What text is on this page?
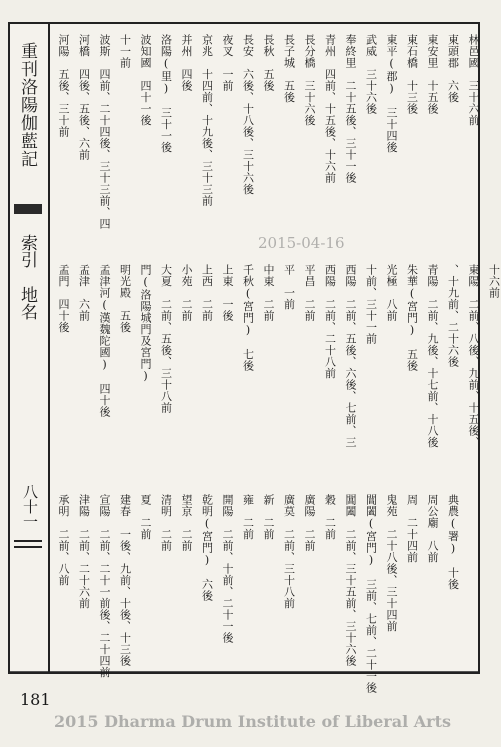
重刊洛陽伽藍記
索引
地名
八十一
河陽　五後、三十前 河橋　四後、五後、六前 波斯　四前、二十四後、三十三前、四 十一前 波知國　四十一後 洛陽(里)　三十一後 并州　四後 京兆　十四前、十九後、三十三前 夜叉　一前 長安　六後、十八後、三十六後 長秋　五後 長子城　五後 長分橋　三十六後 青州　四前、十五後、十六前 奉終里　二十五後、三十一後 武威　三十六後 東平(郡)　三十四後 東石橋　十三後 東安里　十五後 東頭郡　六後 林邑國　三十六前
孟門　四十後 孟津　六前 孟津河(漢魏陀國)　四十後 明光殿　五後 門(洛陽城門及宮門) 大夏　二前、五後、三十八前 小苑　二前 上西　二前 上東　一後 千秋(宮門)　七後 中東　二前 平　一前 平昌　二前 西陽　二前、二十八前 西陽　二前、五後、六後、七前、三 十前、三十一前 光極　八前 朱華(宮門)　五後 青陽　二前、九後、十七前、十八後 、十九前、二十六後 東陽　二前、八後、九前、十五後、 十六前
承明　二前、八前 津陽　二前、二十六前 宣陽　二前、二十一前後、二十四前 建春　一後、九前、十後、十三後 夏　二前 清明　二前 望京　二前 乾明(宮門)　六後 開陽　二前、十前、二十一後 雍　二前 新　二前 廣莫　二前、三十八前 廣陽　二前 穀　二前 閶闔　二前、三十五前、三十六後 閶闔(宮門)　三前、七前、二十一後 鬼苑　二十八後、三十四前 周　二十四前 周公廟　八前 典農(署)　十後
2015-04-16
181
2015 Dharma Drum Institute of Liberal Arts
